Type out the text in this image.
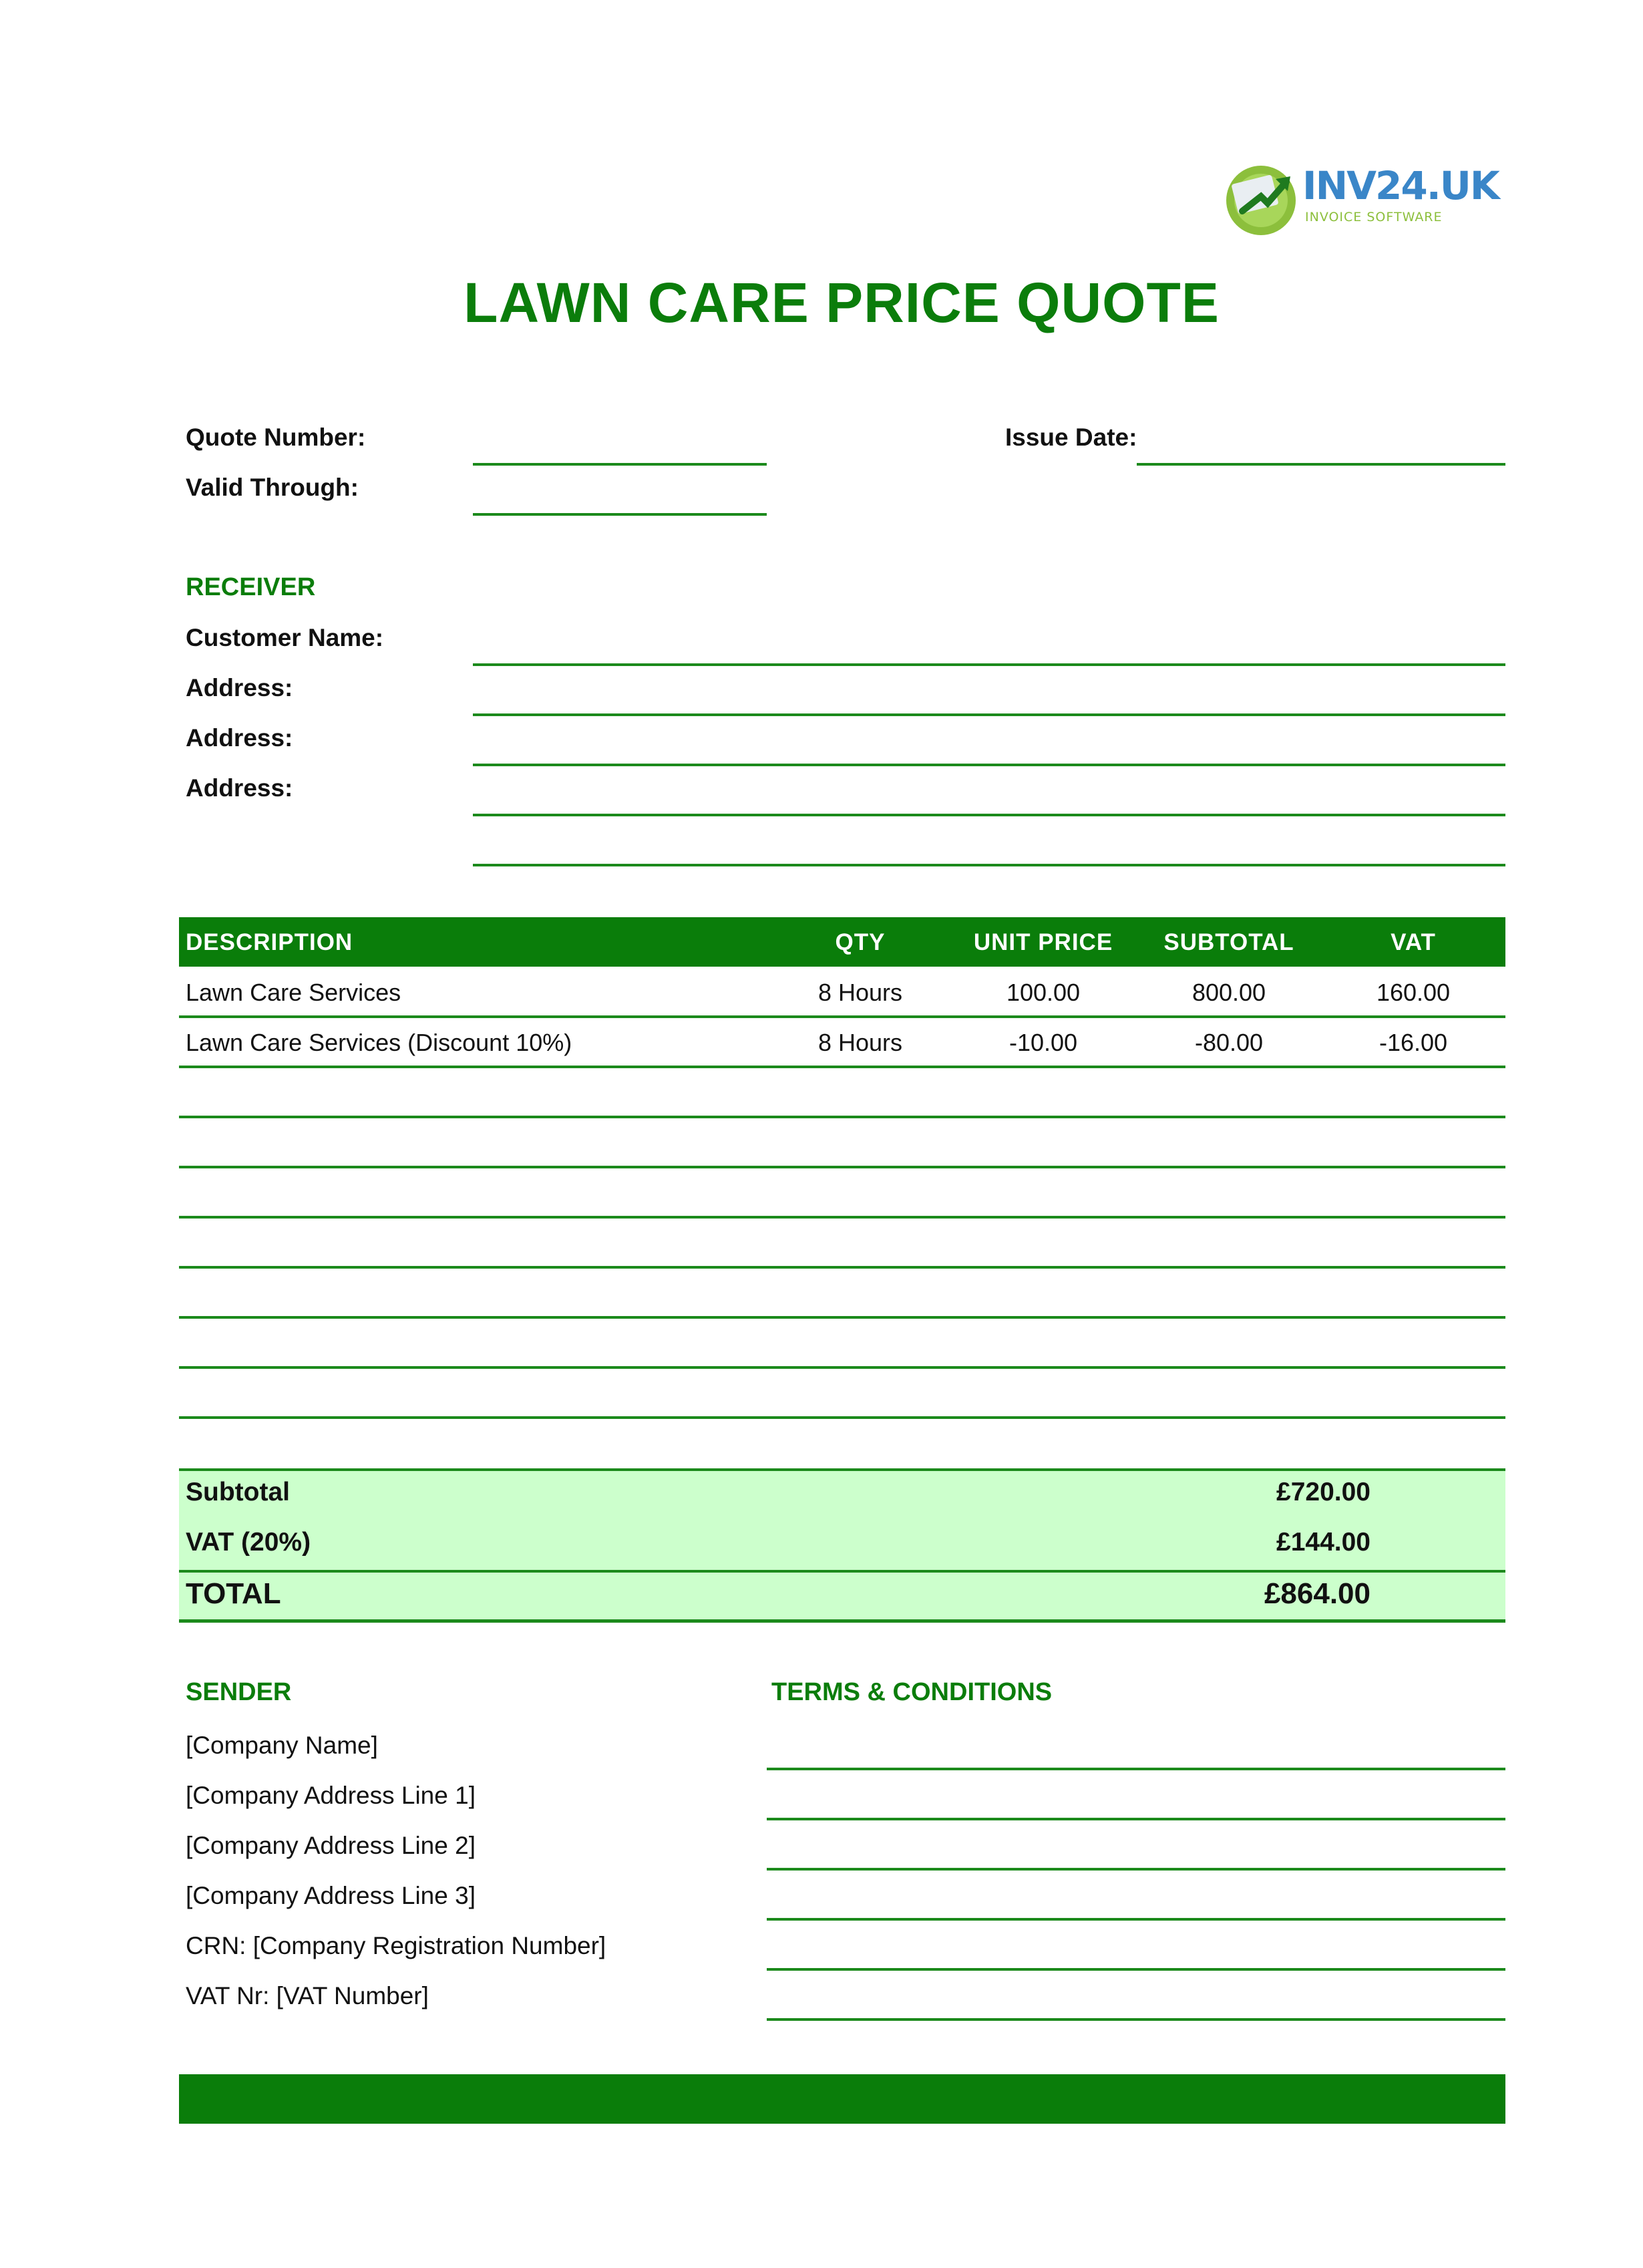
INV24.UK
INVOICE SOFTWARE
LAWN CARE PRICE QUOTE
Quote Number:
Valid Through:
Issue Date:
RECEIVER
Customer Name:
Address:
Address:
Address:
DESCRIPTION	QTY	UNIT PRICE	SUBTOTAL	VAT
Lawn Care Services	8 Hours	100.00	800.00	160.00
Lawn Care Services (Discount 10%)	8 Hours	-10.00	-80.00	-16.00
Subtotal	£720.00
VAT (20%)	£144.00
TOTAL	£864.00
SENDER
[Company Name]
[Company Address Line 1]
[Company Address Line 2]
[Company Address Line 3]
CRN: [Company Registration Number]
VAT Nr: [VAT Number]
TERMS & CONDITIONS
